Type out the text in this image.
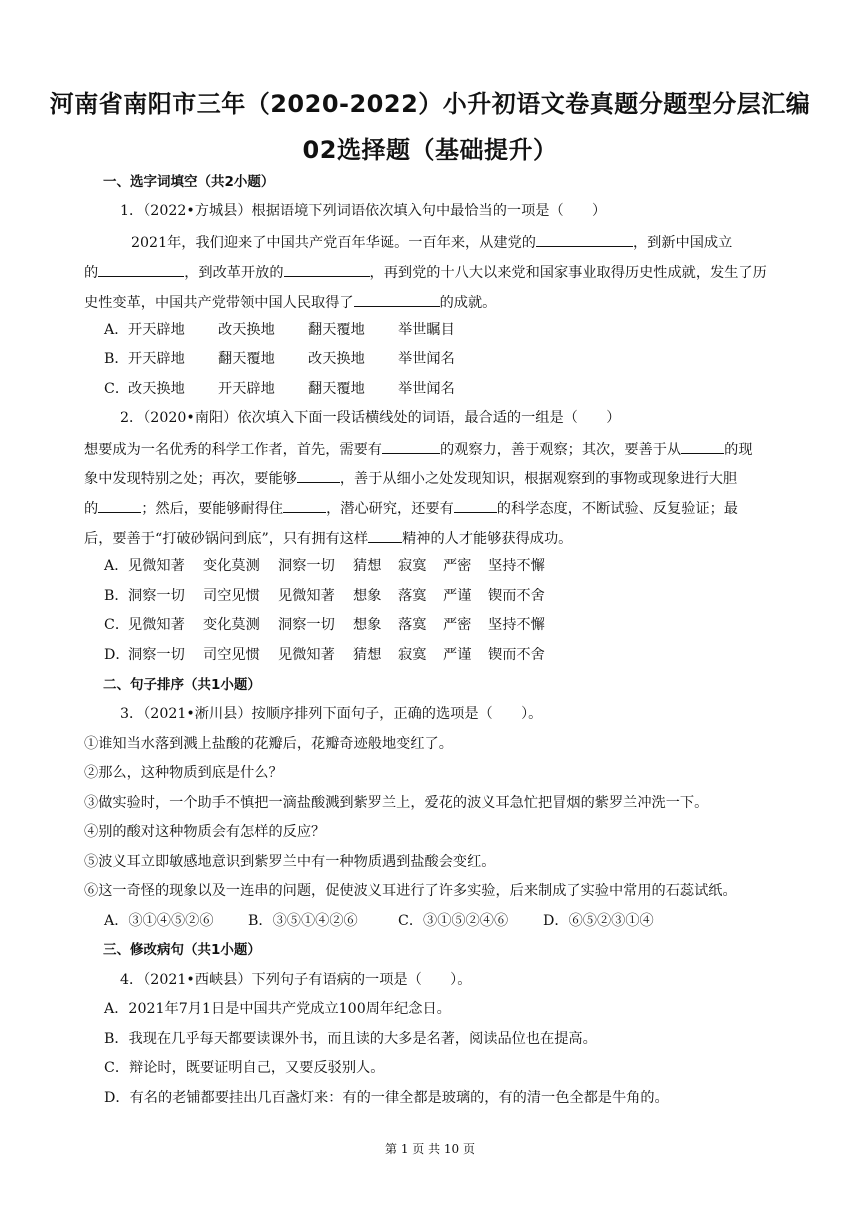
河南省南阳市三年（2020-2022）小升初语文卷真题分题型分层汇编
02选择题（基础提升）
一、选字词填空（共2小题）
1．（2022•方城县）根据语境下列词语依次填入句中最恰当的一项是（　　）
2021年，我们迎来了中国共产党百年华诞。一百年来，从建党的	，到新中国成立
的	，到改革开放的	，再到党的十八大以来党和国家事业取得历史性成就，发生了历
史性变革，中国共产党带领中国人民取得了	的成就。
A．开天辟地 改天换地 翻天覆地 举世瞩目
B．开天辟地 翻天覆地 改天换地 举世闻名
C．改天换地 开天辟地 翻天覆地 举世闻名
2．（2020•南阳）依次填入下面一段话横线处的词语，最合适的一组是（　　）
想要成为一名优秀的科学工作者，首先，需要有	的观察力，善于观察；其次，要善于从	的现
象中发现特别之处；再次，要能够	，善于从细小之处发现知识，根据观察到的事物或现象进行大胆
的	；然后，要能够耐得住	，潜心研究，还要有	的科学态度，不断试验、反复验证；最
后，要善于“打破砂锅问到底”，只有拥有这样 精神的人才能够获得成功。
A．见微知著 变化莫测 洞察一切 猜想 寂寞 严密 坚持不懈
B．洞察一切 司空见惯 见微知著 想象 落寞 严谨 锲而不舍
C．见微知著 变化莫测 洞察一切 想象 落寞 严密 坚持不懈
D．洞察一切 司空见惯 见微知著 猜想 寂寞 严谨 锲而不舍
二、句子排序（共1小题）
3．（2021•淅川县）按顺序排列下面句子，正确的选项是（　　）。
①谁知当水落到溅上盐酸的花瓣后，花瓣奇迹般地变红了。
②那么，这种物质到底是什么？
③做实验时，一个助手不慎把一滴盐酸溅到紫罗兰上，爱花的波义耳急忙把冒烟的紫罗兰冲洗一下。
④别的酸对这种物质会有怎样的反应？
⑤波义耳立即敏感地意识到紫罗兰中有一种物质遇到盐酸会变红。
⑥这一奇怪的现象以及一连串的问题，促使波义耳进行了许多实验，后来制成了实验中常用的石蕊试纸。
A．③①④⑤②⑥ B．③⑤①④②⑥	C．③①⑤②④⑥ D．⑥⑤②③①④
三、修改病句（共1小题）
4．（2021•西峡县）下列句子有语病的一项是（　　）。
A．2021年7月1日是中国共产党成立100周年纪念日。
B．我现在几乎每天都要读课外书，而且读的大多是名著，阅读品位也在提高。
C．辩论时，既要证明自己，又要反驳别人。
D．有名的老铺都要挂出几百盏灯来：有的一律全都是玻璃的，有的清一色全都是牛角的。
第 1 页 共 10 页
